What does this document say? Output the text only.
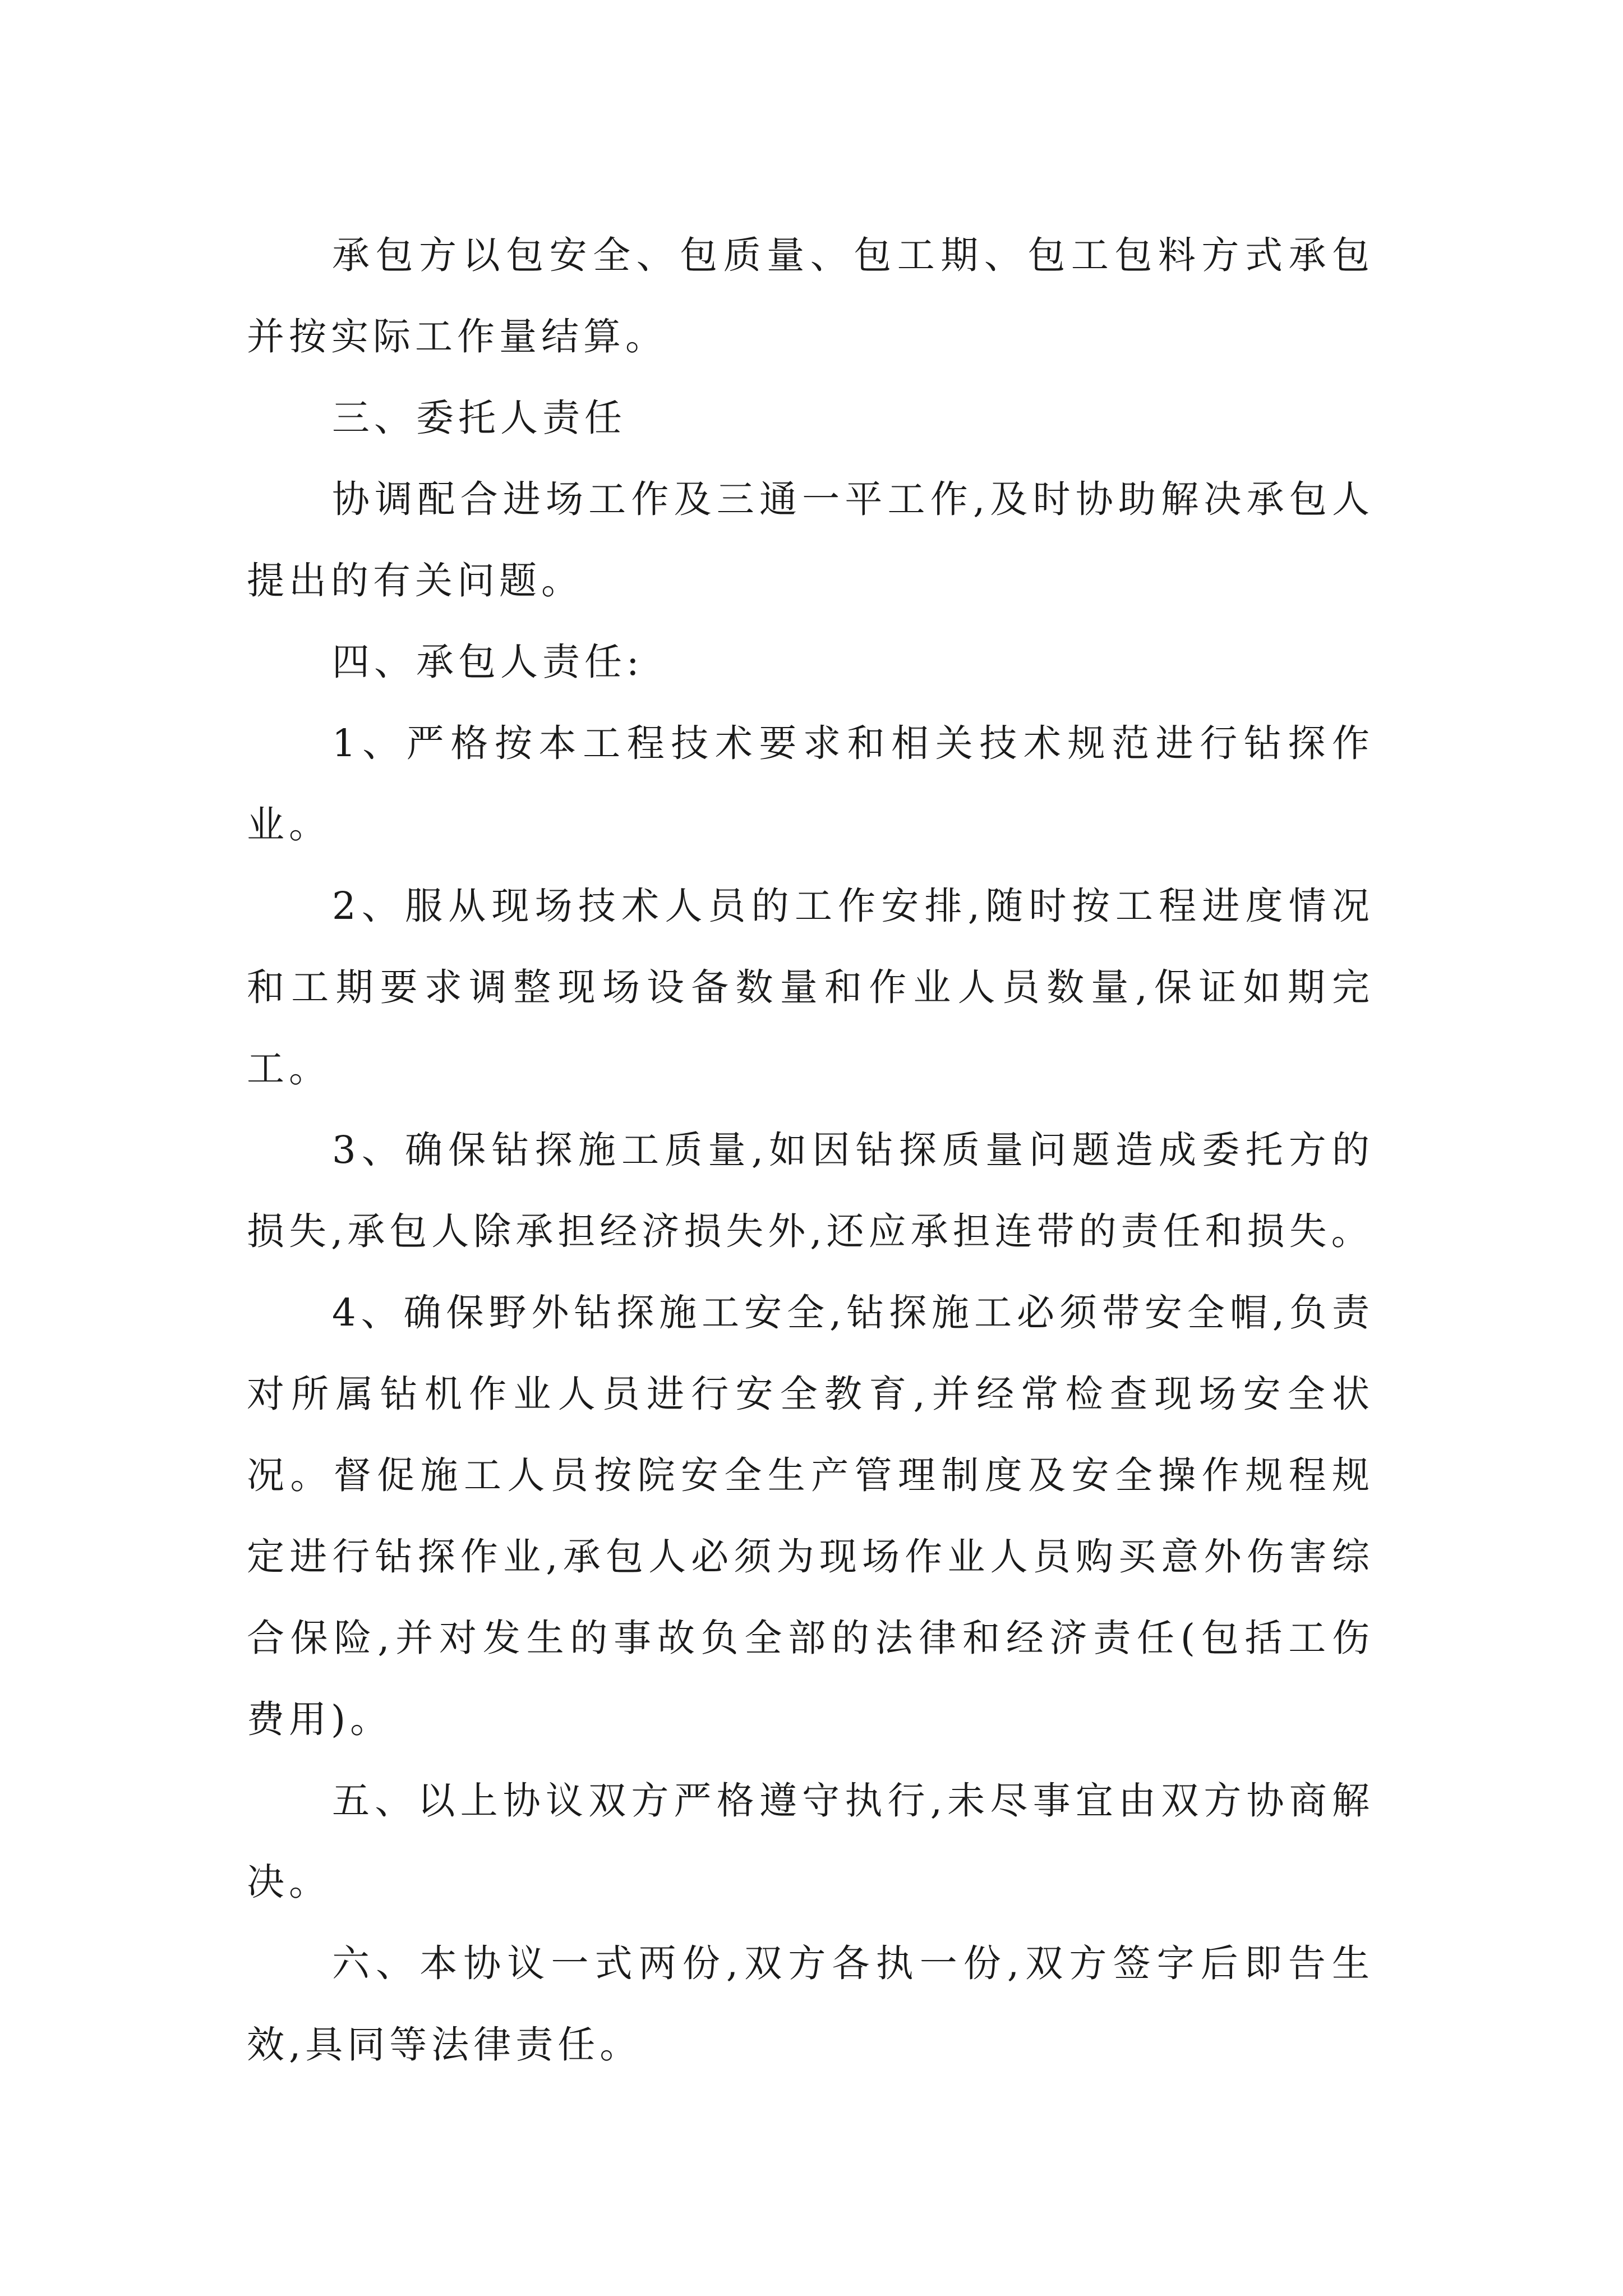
承包方以包安全、包质量、包工期、包工包料方式承包并按实际工作量结算。

三、委托人责任

协调配合进场工作及三通一平工作,及时协助解决承包人提出的有关问题。

四、承包人责任:

1、严格按本工程技术要求和相关技术规范进行钻探作业。

2、服从现场技术人员的工作安排,随时按工程进度情况和工期要求调整现场设备数量和作业人员数量,保证如期完工。

3、确保钻探施工质量,如因钻探质量问题造成委托方的损失,承包人除承担经济损失外,还应承担连带的责任和损失。

4、确保野外钻探施工安全,钻探施工必须带安全帽,负责对所属钻机作业人员进行安全教育,并经常检查现场安全状况。督促施工人员按院安全生产管理制度及安全操作规程规定进行钻探作业,承包人必须为现场作业人员购买意外伤害综合保险,并对发生的事故负全部的法律和经济责任(包括工伤费用)。

五、以上协议双方严格遵守执行,未尽事宜由双方协商解决。

六、本协议一式两份,双方各执一份,双方签字后即告生效,具同等法律责任。
